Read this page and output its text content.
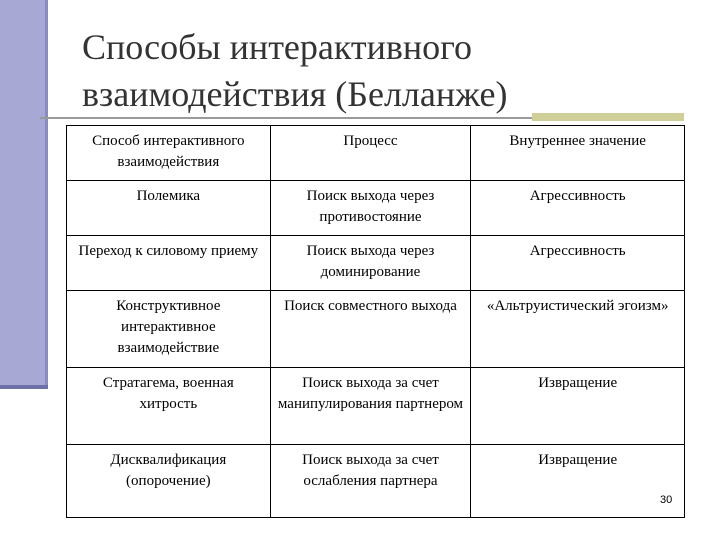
Способы интерактивного взаимодействия (Белланже)
Способ интерактивного взаимодействия	Процесс	Внутреннее значение
Полемика	Поиск выхода через противостояние	Агрессивность
Переход к силовому приему	Поиск выхода через доминирование	Агрессивность
Конструктивное интерактивное взаимодействие	Поиск совместного выхода	«Альтруистический эгоизм»
Стратагема, военная хитрость	Поиск выхода за счет манипулирования партнером	Извращение
Дисквалификация (опорочение)	Поиск выхода за счет ослабления партнера	Извращение
30
